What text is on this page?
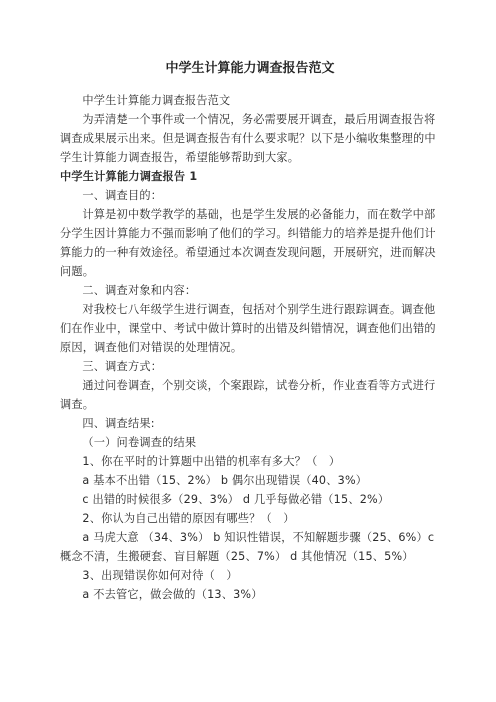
中学生计算能力调查报告范文

中学生计算能力调查报告范文

为弄清楚一个事件或一个情况，务必需要展开调查，最后用调查报告将调查成果展示出来。但是调查报告有什么要求呢？以下是小编收集整理的中学生计算能力调查报告，希望能够帮助到大家。

中学生计算能力调查报告 1

一、调查目的：

计算是初中数学教学的基础，也是学生发展的必备能力，而在数学中部分学生因计算能力不强而影响了他们的学习。纠错能力的培养是提升他们计算能力的一种有效途径。希望通过本次调查发现问题，开展研究，进而解决问题。

二、调查对象和内容：

对我校七八年级学生进行调查，包括对个别学生进行跟踪调查。调查他们在作业中，课堂中、考试中做计算时的出错及纠错情况，调查他们出错的原因，调查他们对错误的处理情况。

三、调查方式：

通过问卷调查，个别交谈，个案跟踪，试卷分析，作业查看等方式进行调查。

四、调查结果:

（一）问卷调查的结果

1、你在平时的计算题中出错的机率有多大？（　）

a 基本不出错（15、2%） b 偶尔出现错误（40、3%）

c 出错的时候很多（29、3%） d 几乎每做必错（15、2%）

2、你认为自己出错的原因有哪些？（　）

a 马虎大意 （34、3%） b 知识性错误，不知解题步骤（25、6%）c 概念不清，生搬硬套、盲目解题（25、7%） d 其他情况（15、5%）

3、出现错误你如何对待（　）

a 不去管它，做会做的（13、3%）
